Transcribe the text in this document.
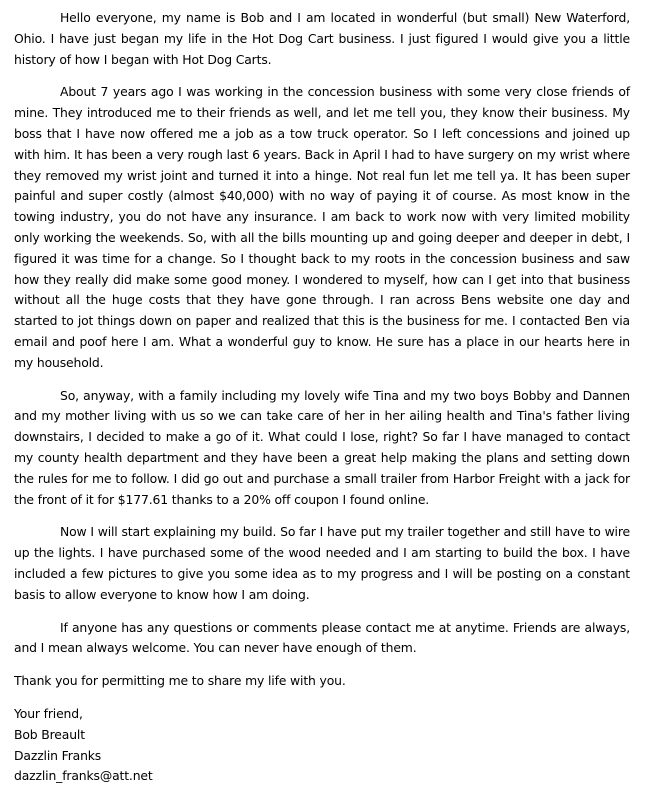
Hello everyone, my name is Bob and I am located in wonderful (but small) New Waterford, Ohio. I have just began my life in the Hot Dog Cart business. I just figured I would give you a little history of how I began with Hot Dog Carts.

About 7 years ago I was working in the concession business with some very close friends of mine. They introduced me to their friends as well, and let me tell you, they know their business. My boss that I have now offered me a job as a tow truck operator. So I left concessions and joined up with him. It has been a very rough last 6 years. Back in April I had to have surgery on my wrist where they removed my wrist joint and turned it into a hinge. Not real fun let me tell ya. It has been super painful and super costly (almost $40,000) with no way of paying it of course. As most know in the towing industry, you do not have any insurance. I am back to work now with very limited mobility only working the weekends. So, with all the bills mounting up and going deeper and deeper in debt, I figured it was time for a change. So I thought back to my roots in the concession business and saw how they really did make some good money. I wondered to myself, how can I get into that business without all the huge costs that they have gone through. I ran across Bens website one day and started to jot things down on paper and realized that this is the business for me. I contacted Ben via email and poof here I am. What a wonderful guy to know. He sure has a place in our hearts here in my household.

So, anyway, with a family including my lovely wife Tina and my two boys Bobby and Dannen and my mother living with us so we can take care of her in her ailing health and Tina's father living downstairs, I decided to make a go of it. What could I lose, right? So far I have managed to contact my county health department and they have been a great help making the plans and setting down the rules for me to follow. I did go out and purchase a small trailer from Harbor Freight with a jack for the front of it for $177.61 thanks to a 20% off coupon I found online.

Now I will start explaining my build. So far I have put my trailer together and still have to wire up the lights. I have purchased some of the wood needed and I am starting to build the box. I have included a few pictures to give you some idea as to my progress and I will be posting on a constant basis to allow everyone to know how I am doing.

If anyone has any questions or comments please contact me at anytime. Friends are always, and I mean always welcome. You can never have enough of them.

Thank you for permitting me to share my life with you.

Your friend,
Bob Breault
Dazzlin Franks
dazzlin_franks@att.net
